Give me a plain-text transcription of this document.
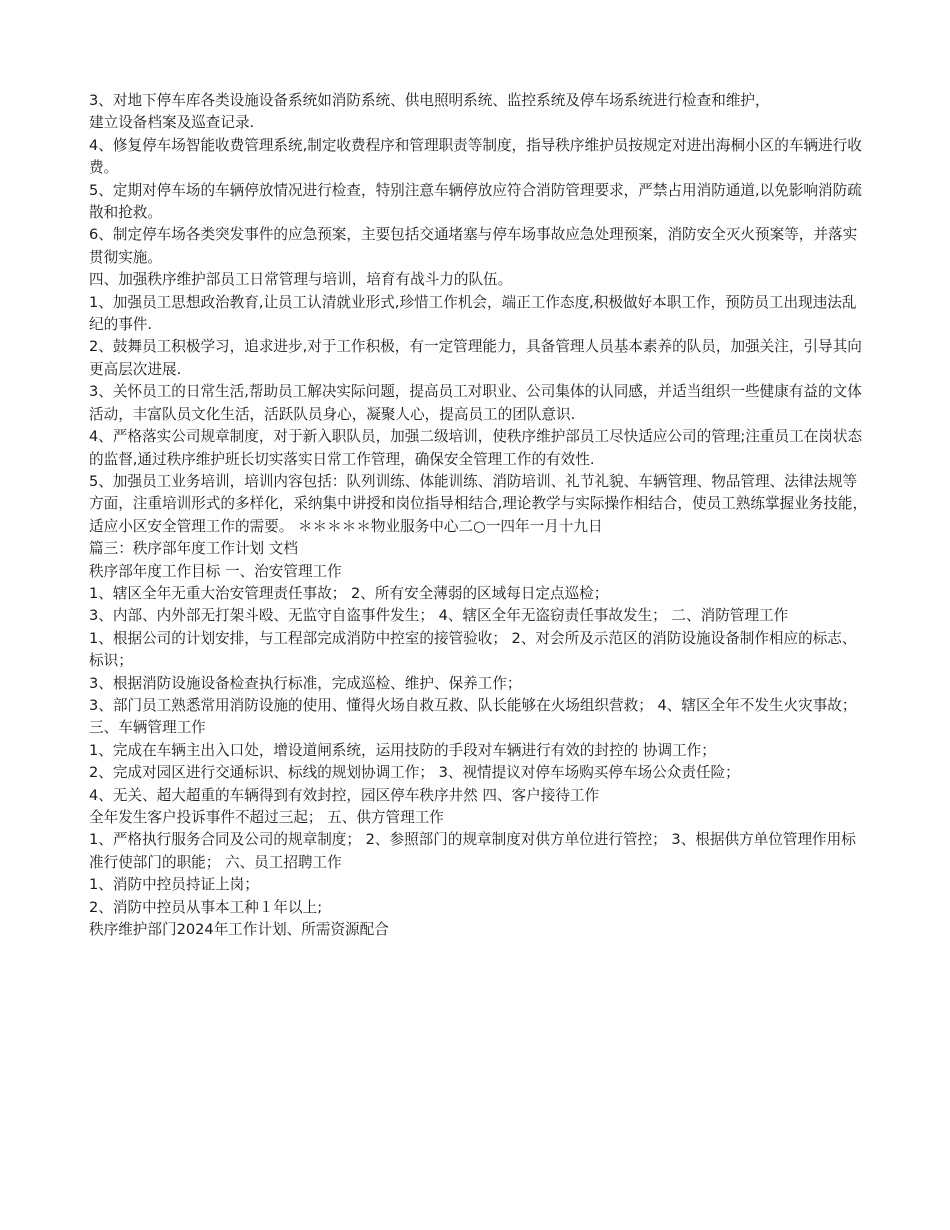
3、对地下停车库各类设施设备系统如消防系统、供电照明系统、监控系统及停车场系统进行检查和维护，

建立设备档案及巡查记录.

4、修复停车场智能收费管理系统,制定收费程序和管理职责等制度，指导秩序维护员按规定对进出海桐小区的车辆进行收费。

5、定期对停车场的车辆停放情况进行检查，特别注意车辆停放应符合消防管理要求，严禁占用消防通道,以免影响消防疏散和抢救。

6、制定停车场各类突发事件的应急预案，主要包括交通堵塞与停车场事故应急处理预案，消防安全灭火预案等，并落实贯彻实施。

四、加强秩序维护部员工日常管理与培训，培育有战斗力的队伍。

1、加强员工思想政治教育,让员工认清就业形式,珍惜工作机会，端正工作态度,积极做好本职工作，预防员工出现违法乱纪的事件.

2、鼓舞员工积极学习，追求进步,对于工作积极，有一定管理能力，具备管理人员基本素养的队员，加强关注，引导其向更高层次进展.

3、关怀员工的日常生活,帮助员工解决实际问题，提高员工对职业、公司集体的认同感，并适当组织一些健康有益的文体活动，丰富队员文化生活，活跃队员身心，凝聚人心，提高员工的团队意识.

4、严格落实公司规章制度，对于新入职队员，加强二级培训，使秩序维护部员工尽快适应公司的管理;注重员工在岗状态的监督,通过秩序维护班长切实落实日常工作管理，确保安全管理工作的有效性.

5、加强员工业务培训，培训内容包括：队列训练、体能训练、消防培训、礼节礼貌、车辆管理、物品管理、法律法规等方面，注重培训形式的多样化，采纳集中讲授和岗位指导相结合,理论教学与实际操作相结合，使员工熟练掌握业务技能，适应小区安全管理工作的需要。 ＊＊＊＊＊物业服务中心二○一四年一月十九日

篇三：秩序部年度工作计划 文档

秩序部年度工作目标 一、治安管理工作

1、辖区全年无重大治安管理责任事故； 2、所有安全薄弱的区域每日定点巡检；

3、内部、内外部无打架斗殴、无监守自盗事件发生； 4、辖区全年无盗窃责任事故发生； 二、消防管理工作

1、根据公司的计划安排，与工程部完成消防中控室的接管验收； 2、对会所及示范区的消防设施设备制作相应的标志、标识；

3、根据消防设施设备检查执行标准，完成巡检、维护、保养工作；

3、部门员工熟悉常用消防设施的使用、懂得火场自救互救、队长能够在火场组织营救； 4、辖区全年不发生火灾事故； 三、车辆管理工作

1、完成在车辆主出入口处，增设道闸系统，运用技防的手段对车辆进行有效的封控的 协调工作；

2、完成对园区进行交通标识、标线的规划协调工作； 3、视情提议对停车场购买停车场公众责任险；

4、无关、超大超重的车辆得到有效封控，园区停车秩序井然 四、客户接待工作

全年发生客户投诉事件不超过三起； 五、供方管理工作

1、严格执行服务合同及公司的规章制度； 2、参照部门的规章制度对供方单位进行管控； 3、根据供方单位管理作用标准行使部门的职能； 六、员工招聘工作

1、消防中控员持证上岗；

2、消防中控员从事本工种１年以上;

秩序维护部门2024年工作计划、所需资源配合
